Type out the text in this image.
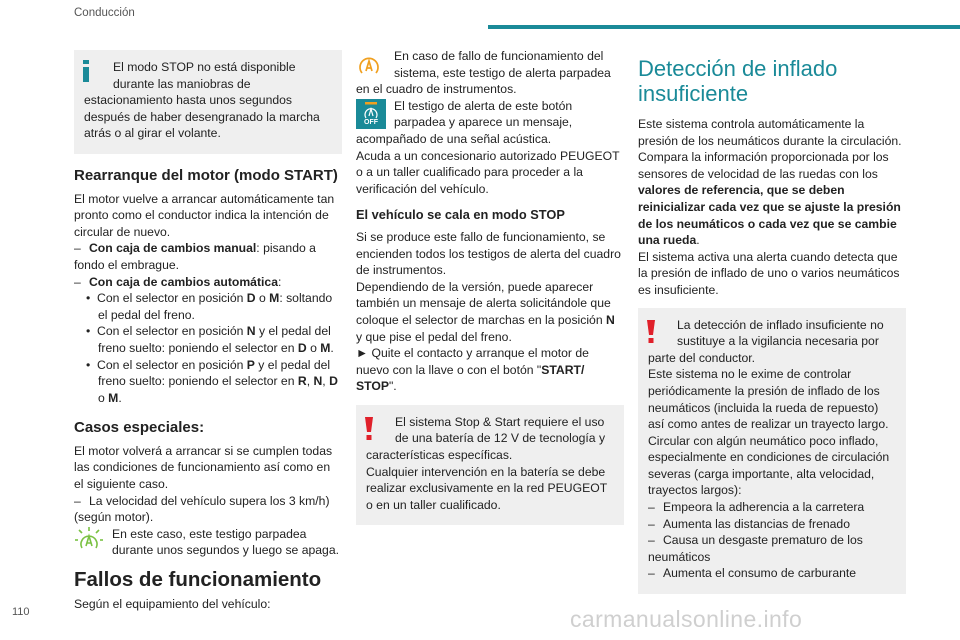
Conducción

El modo STOP no está disponible

durante las maniobras de

estacionamiento hasta unos segundos después de haber desengranado la marcha atrás o al girar el volante.

Rearranque del motor (modo START)

El motor vuelve a arrancar automáticamente tan pronto como el conductor indica la intención de circular de nuevo.

– Con caja de cambios manual: pisando a fondo el embrague.

– Con caja de cambios automática:

•  Con el selector en posición D o M: soltando el pedal del freno.

•  Con el selector en posición N y el pedal del freno suelto: poniendo el selector en D o M.

•  Con el selector en posición P y el pedal del freno suelto: poniendo el selector en R, N, D o M.

Casos especiales:

El motor volverá a arrancar si se cumplen todas las condiciones de funcionamiento así como en el siguiente caso.

– La velocidad del vehículo supera los 3 km/h) (según motor).

En este caso, este testigo parpadea

durante unos segundos y luego se apaga.

Fallos de funcionamiento

Según el equipamiento del vehículo:

En caso de fallo de funcionamiento del

sistema, este testigo de alerta parpadea en el cuadro de instrumentos.

OFF

El testigo de alerta de este botón

parpadea y aparece un mensaje,

acompañado de una señal acústica.

Acuda a un concesionario autorizado PEUGEOT o a un taller cualificado para proceder a la verificación del vehículo.

El vehículo se cala en modo STOP

Si se produce este fallo de funcionamiento, se encienden todos los testigos de alerta del cuadro de instrumentos.

Dependiendo de la versión, puede aparecer también un mensaje de alerta solicitándole que coloque el selector de marchas en la posición N y que pise el pedal del freno.

► Quite el contacto y arranque el motor de nuevo con la llave o con el botón "START/ STOP".

El sistema Stop & Start requiere el uso

de una batería de 12 V de tecnología y

características específicas.

Cualquier intervención en la batería se debe realizar exclusivamente en la red PEUGEOT o en un taller cualificado.

Detección de inflado insuficiente

Este sistema controla automáticamente la presión de los neumáticos durante la circulación.

Compara la información proporcionada por los sensores de velocidad de las ruedas con los valores de referencia, que se deben reinicializar cada vez que se ajuste la presión de los neumáticos o cada vez que se cambie una rueda.

El sistema activa una alerta cuando detecta que la presión de inflado de uno o varios neumáticos es insuficiente.

La detección de inflado insuficiente no

sustituye a la vigilancia necesaria por

parte del conductor.

Este sistema no le exime de controlar periódicamente la presión de inflado de los neumáticos (incluida la rueda de repuesto) así como antes de realizar un trayecto largo.

Circular con algún neumático poco inflado, especialmente en condiciones de circulación severas (carga importante, alta velocidad, trayectos largos):

– Empeora la adherencia a la carretera

– Aumenta las distancias de frenado

– Causa un desgaste prematuro de los neumáticos

– Aumenta el consumo de carburante

110	carmanualsonline.info
